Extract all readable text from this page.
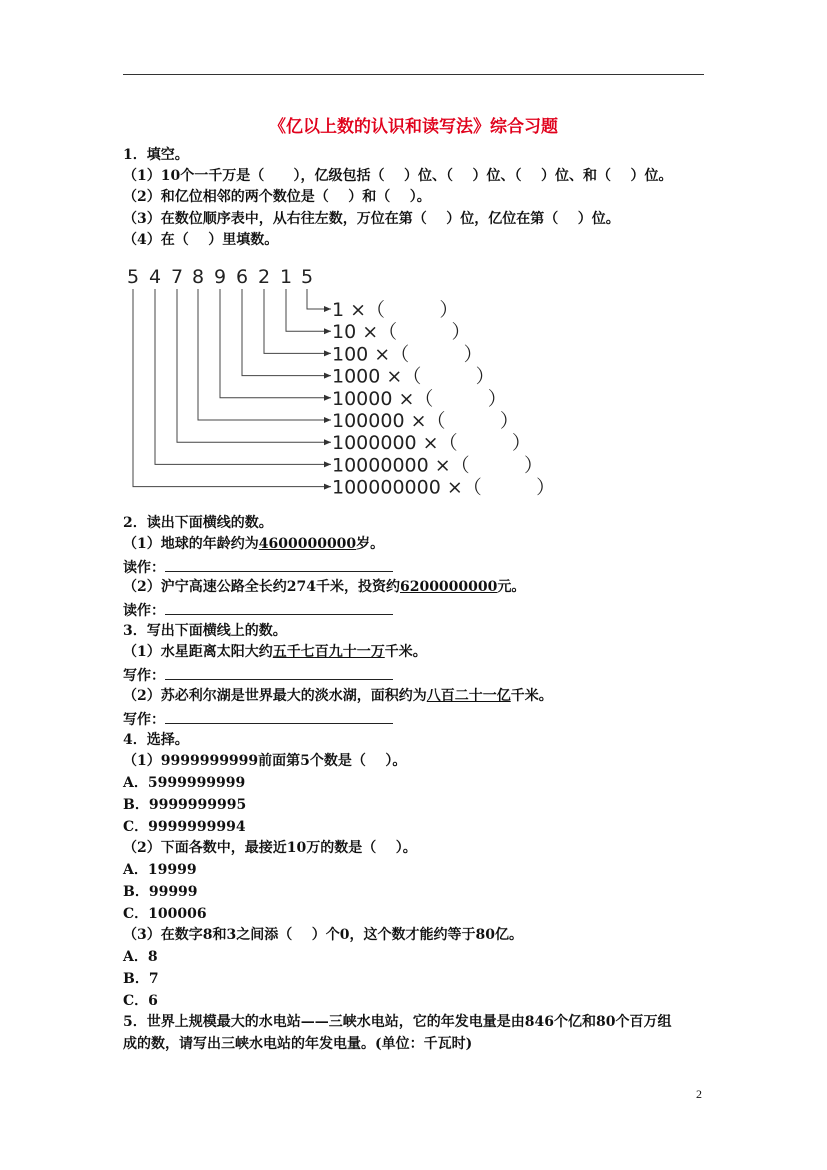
《亿以上数的认识和读写法》综合习题
1．填空。
（1）10个一千万是（      ），亿级包括（    ）位、（    ）位、（    ）位、和（    ）位。
（2）和亿位相邻的两个数位是（    ）和（    ）。
（3）在数位顺序表中，从右往左数，万位在第（    ）位，亿位在第（    ）位。
（4）在（    ）里填数。
5 4 7 8 9 6 2 1 5
1 ×（         ）
10 ×（         ）
100 ×（         ）
1000 ×（         ）
10000 ×（         ）
100000 ×（         ）
1000000 ×（         ）
10000000 ×（         ）
100000000 ×（         ）
2．读出下面横线的数。
（1）地球的年龄约为4600000000岁。
读作：
（2）沪宁高速公路全长约274千米，投资约6200000000元。
读作：
3．写出下面横线上的数。
（1）水星距离太阳大约五千七百九十一万千米。
写作：
（2）苏必利尔湖是世界最大的淡水湖，面积约为八百二十一亿千米。
写作：
4．选择。
（1）9999999999前面第5个数是（    ）。
A．5999999999
B．9999999995
C．9999999994
（2）下面各数中，最接近10万的数是（    ）。
A．19999
B．99999
C．100006
（3）在数字8和3之间添（    ）个0，这个数才能约等于80亿。
A．8
B．7
C．6
5．世界上规模最大的水电站——三峡水电站，它的年发电量是由846个亿和80个百万组
成的数，请写出三峡水电站的年发电量。(单位：千瓦时)
2
